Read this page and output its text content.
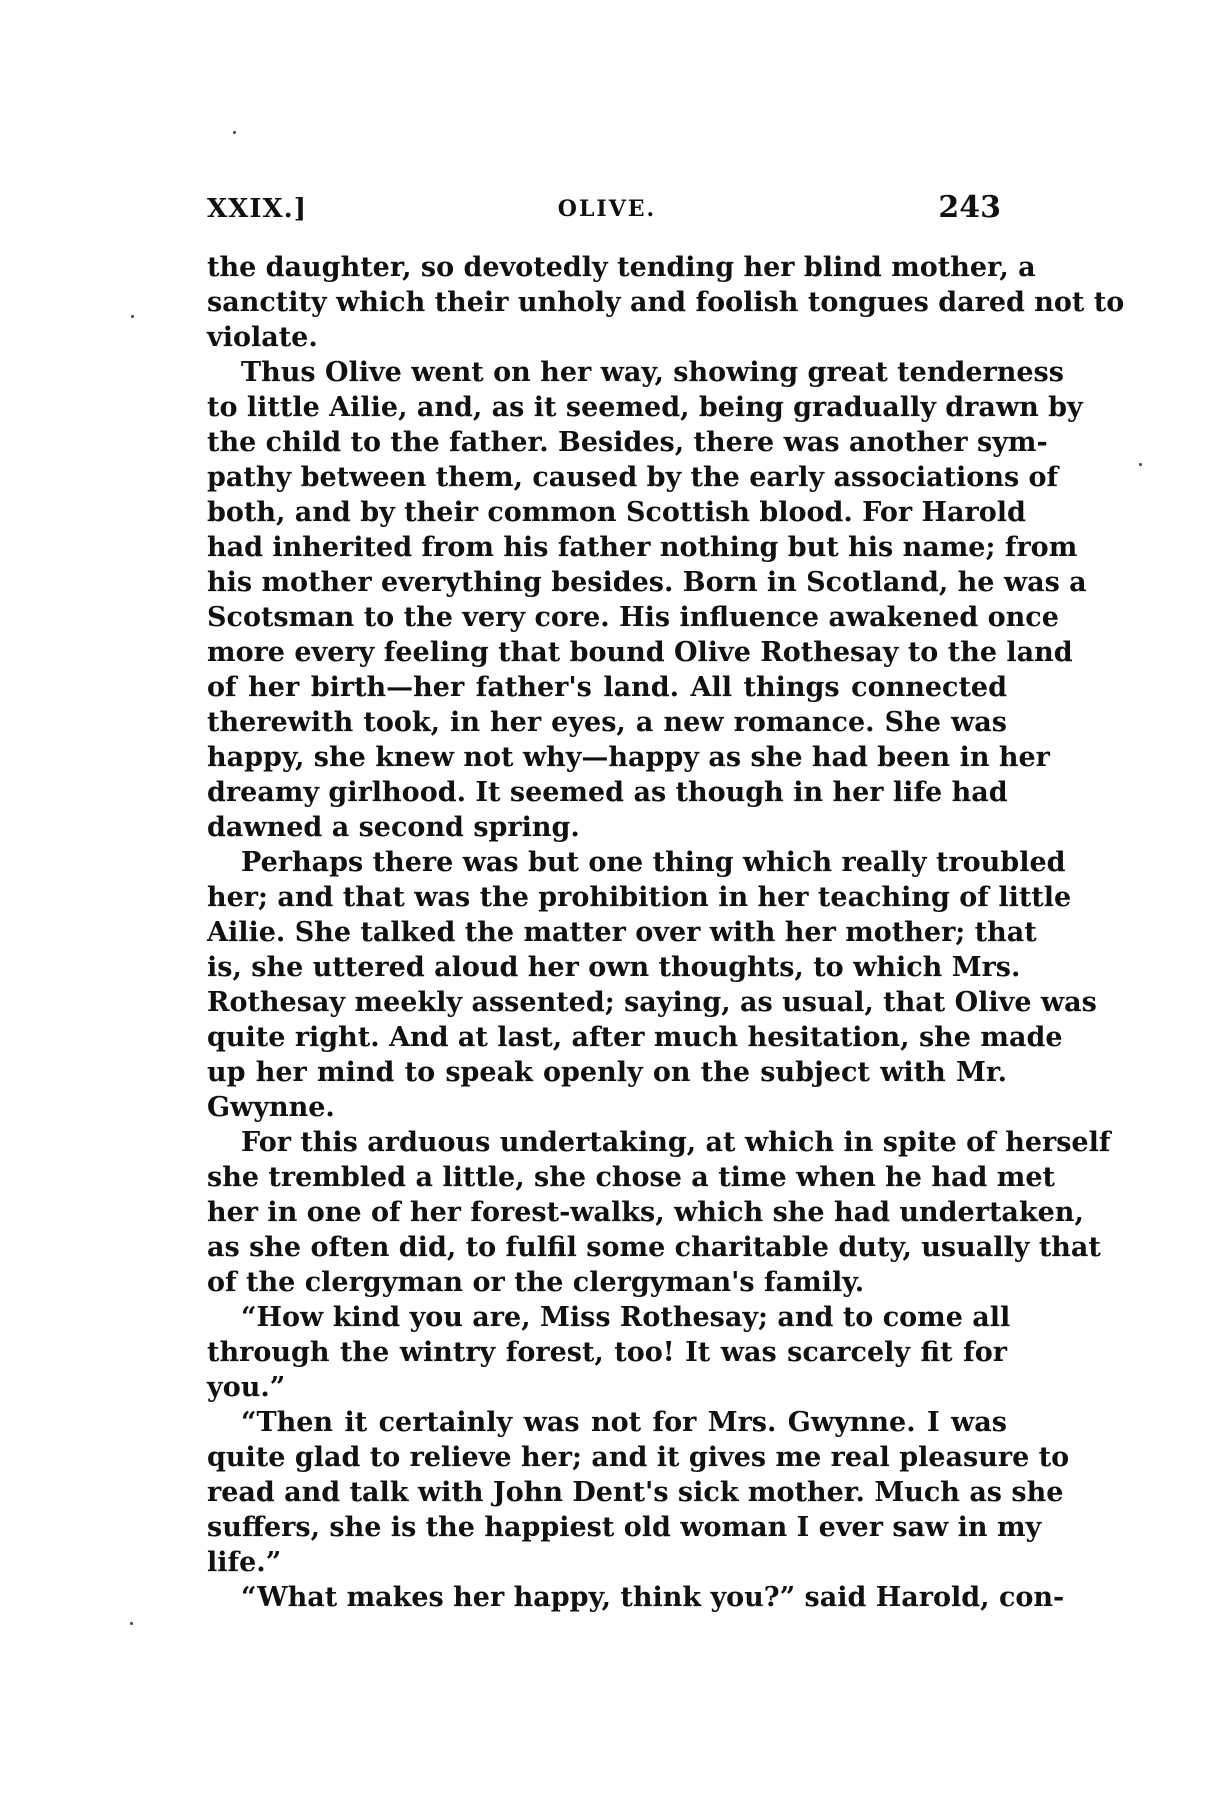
XXIX.]	OLIVE.	243
the daughter, so devotedly tending her blind mother, a
sanctity which their unholy and foolish tongues dared not to
violate.
Thus Olive went on her way, showing great tenderness
to little Ailie, and, as it seemed, being gradually drawn by
the child to the father. Besides, there was another sym-
pathy between them, caused by the early associations of
both, and by their common Scottish blood. For Harold
had inherited from his father nothing but his name; from
his mother everything besides. Born in Scotland, he was a
Scotsman to the very core. His influence awakened once
more every feeling that bound Olive Rothesay to the land
of her birth—her father's land. All things connected
therewith took, in her eyes, a new romance. She was
happy, she knew not why—happy as she had been in her
dreamy girlhood. It seemed as though in her life had
dawned a second spring.
Perhaps there was but one thing which really troubled
her; and that was the prohibition in her teaching of little
Ailie. She talked the matter over with her mother; that
is, she uttered aloud her own thoughts, to which Mrs.
Rothesay meekly assented; saying, as usual, that Olive was
quite right. And at last, after much hesitation, she made
up her mind to speak openly on the subject with Mr.
Gwynne.
For this arduous undertaking, at which in spite of herself
she trembled a little, she chose a time when he had met
her in one of her forest-walks, which she had undertaken,
as she often did, to fulfil some charitable duty, usually that
of the clergyman or the clergyman's family.
“How kind you are, Miss Rothesay; and to come all
through the wintry forest, too! It was scarcely fit for
you.”
“Then it certainly was not for Mrs. Gwynne. I was
quite glad to relieve her; and it gives me real pleasure to
read and talk with John Dent's sick mother. Much as she
suffers, she is the happiest old woman I ever saw in my
life.”
“What makes her happy, think you?” said Harold, con-
